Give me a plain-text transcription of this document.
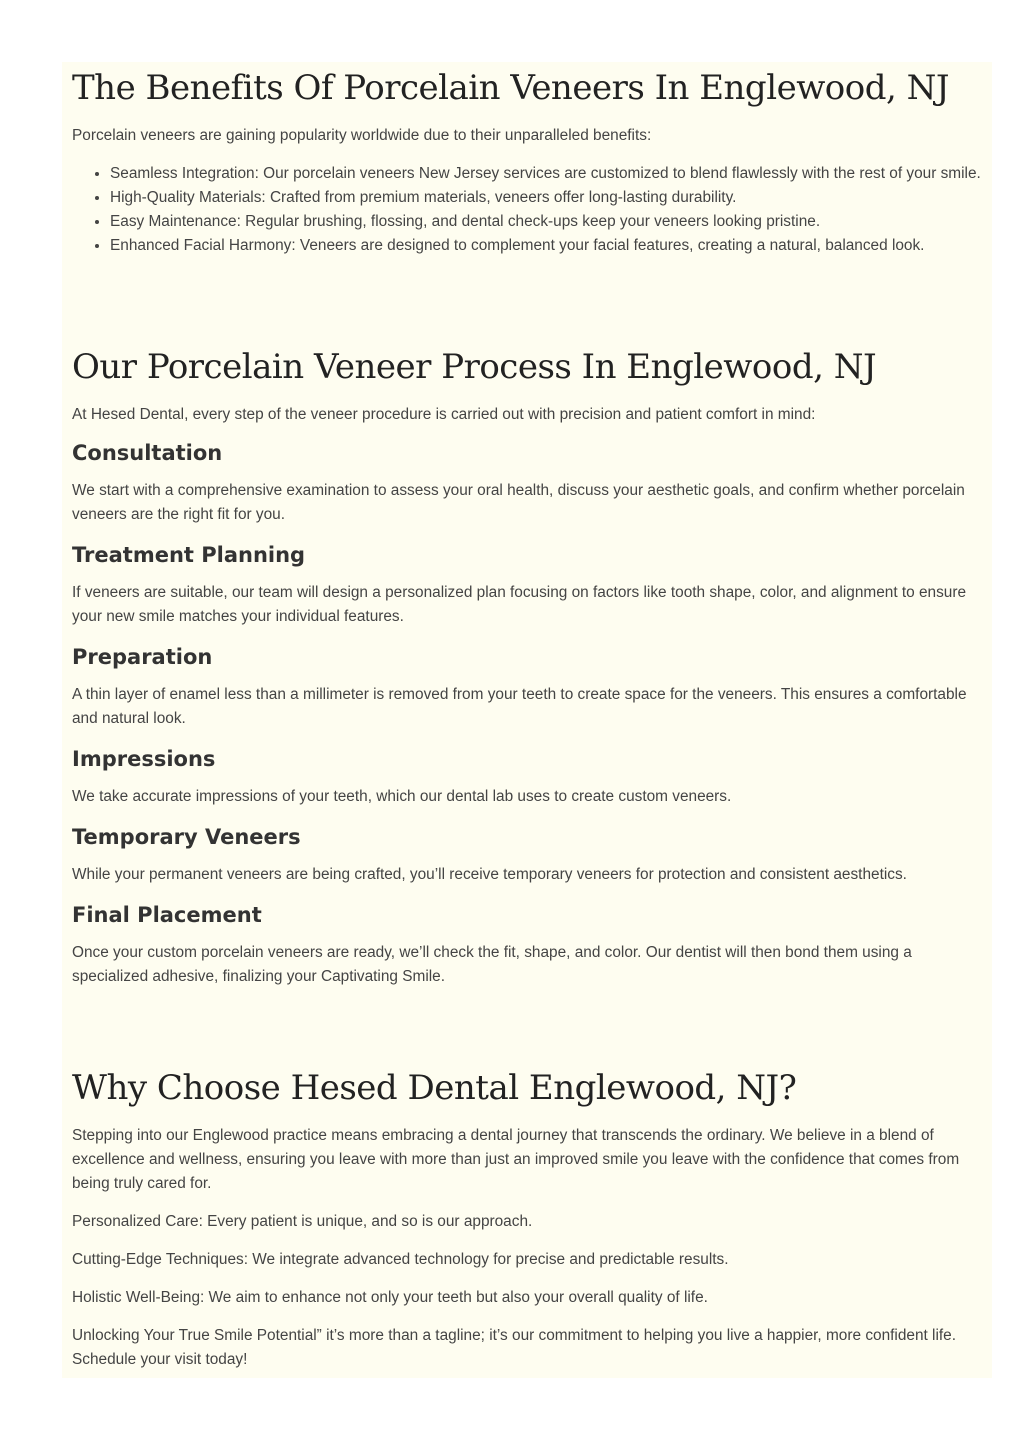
The Benefits Of Porcelain Veneers In Englewood, NJ

Porcelain veneers are gaining popularity worldwide due to their unparalleled benefits:

• Seamless Integration: Our porcelain veneers New Jersey services are customized to blend flawlessly with the rest of your smile.
• High-Quality Materials: Crafted from premium materials, veneers offer long-lasting durability.
• Easy Maintenance: Regular brushing, flossing, and dental check-ups keep your veneers looking pristine.
• Enhanced Facial Harmony: Veneers are designed to complement your facial features, creating a natural, balanced look.
Our Porcelain Veneer Process In Englewood, NJ

At Hesed Dental, every step of the veneer procedure is carried out with precision and patient comfort in mind:

Consultation

We start with a comprehensive examination to assess your oral health, discuss your aesthetic goals, and confirm whether porcelain veneers are the right fit for you.

Treatment Planning

If veneers are suitable, our team will design a personalized plan focusing on factors like tooth shape, color, and alignment to ensure your new smile matches your individual features.

Preparation

A thin layer of enamel less than a millimeter is removed from your teeth to create space for the veneers. This ensures a comfortable and natural look.

Impressions

We take accurate impressions of your teeth, which our dental lab uses to create custom veneers.

Temporary Veneers

While your permanent veneers are being crafted, you’ll receive temporary veneers for protection and consistent aesthetics.

Final Placement

Once your custom porcelain veneers are ready, we’ll check the fit, shape, and color. Our dentist will then bond them using a specialized adhesive, finalizing your Captivating Smile.

Why Choose Hesed Dental Englewood, NJ?

Stepping into our Englewood practice means embracing a dental journey that transcends the ordinary. We believe in a blend of excellence and wellness, ensuring you leave with more than just an improved smile you leave with the confidence that comes from being truly cared for.

Personalized Care: Every patient is unique, and so is our approach.

Cutting-Edge Techniques: We integrate advanced technology for precise and predictable results.

Holistic Well-Being: We aim to enhance not only your teeth but also your overall quality of life.

Unlocking Your True Smile Potential” it’s more than a tagline; it’s our commitment to helping you live a happier, more confident life. Schedule your visit today!
